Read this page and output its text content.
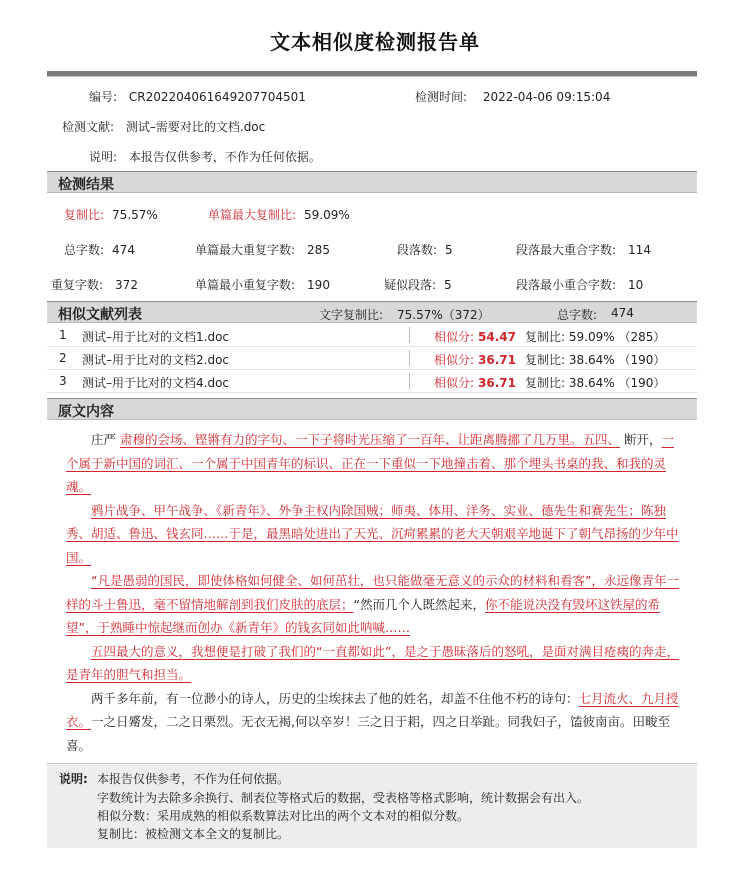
文本相似度检测报告单
编号: CR20220406164920​7704501	检测时间: 2022-04-06 09:15:04
检测文献: 测试–需要对比的文档.doc
说明: 本报告仅供参考，不作为任何依据。
检测结果
复制比: 75.57%	单篇最大复制比: 59.09%
总字数: 474	单篇最大重复字数: 285	段落数: 5	段落最大重合字数: 114
重复字数: 372	单篇最小重复字数: 190	疑似段落: 5	段落最小重合字数: 10
相似文献列表	文字复制比: 75.57%（372）	总字数: 474
1 测试–用于比对的文档1.doc	相似分: 54.47 复制比: 59.09% （285）
2 测试–用于比对的文档2.doc	相似分: 36.71 复制比: 38.64% （190）
3 测试–用于比对的文档4.doc	相似分: 36.71 复制比: 38.64% （190）
原文内容

庄严 肃穆的会场、铿锵有力的字句、一下子将时光压缩了一百年、让距离腾挪了几万里。五四、 断开，一个属于新中国的词汇、一个属于中国青年的标识、正在一下重似一下地撞击着、那个埋头书桌的我、和我的灵魂。

鸦片战争、甲午战争、《新青年》、外争主权内除国贼；师夷、体用、洋务、实业、德先生和赛先生；陈独秀、胡适、鲁迅、钱玄同……于是，最黑暗处进出了天光、沉疴累累的老大天朝艰辛地诞下了朝气昂扬的少年中国。

“凡是愚弱的国民，即使体格如何健全、如何茁壮，也只能做毫无意义的示众的材料和看客”，永远像青年一样的斗士鲁迅，毫不留情地解剖到我们皮肤的底层；“然而几个人既然起来，你不能说决没有毁坏这铁屋的希望”，于熟睡中惊起继而创办《新青年》的钱玄同如此呐喊……

五四最大的意义，我想便是打破了我们的“一直都如此”，是之于愚昧落后的怒吼，是面对满目疮痍的奔走，是青年的胆气和担当。

两千多年前，有一位渺小的诗人，历史的尘埃抹去了他的姓名，却盖不住他不朽的诗句：七月流火、九月授衣。一之日觱发，二之日栗烈。无衣无褐,何以卒岁！三之日于耜，四之日举趾。同我妇子，馌彼南亩。田畯至喜。

说明: 本报告仅供参考，不作为任何依据。
字数统计为去除多余换行、制表位等格式后的数据，受表格等格式影响，统计数据会有出入。
相似分数：采用成熟的相似系数算法对比出的两个文本对的相似分数。
复制比：被检测文本全文的复制比。
